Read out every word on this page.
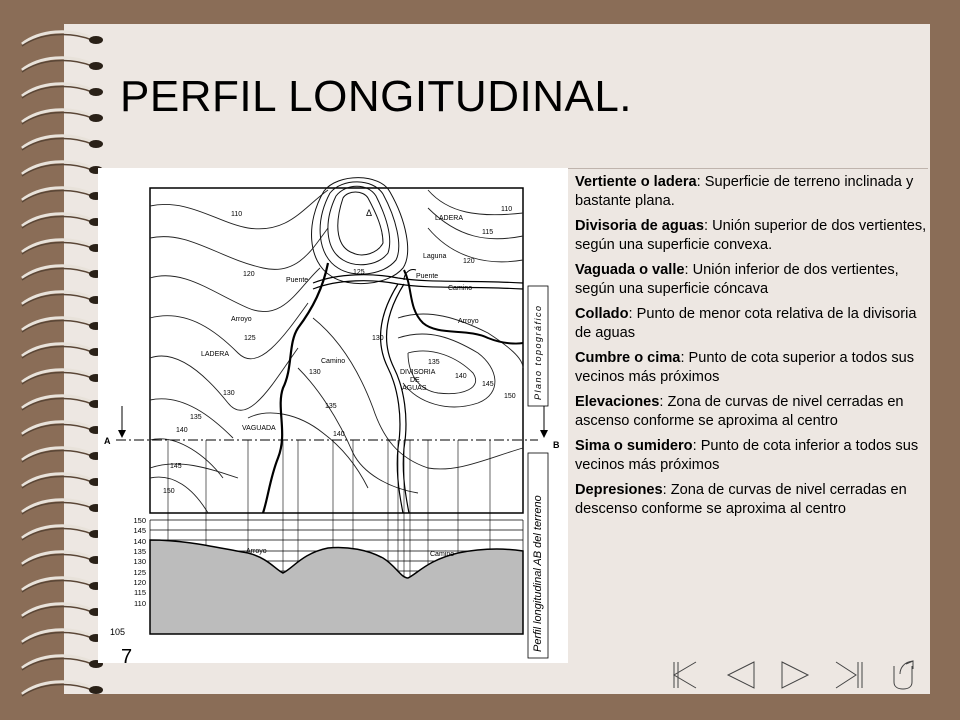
PERFIL LONGITUDINAL.
150
145
140
135
130
125
120
115
110
105
LADERA
LADERA
Laguna
Puente
Puente
Camino
Camino
Arroyo	Arroyo
DIVISORIA
DE
AGUAS
VAGUADA
Arroyo	Camino
Δ
110
110
115
120
120
125
125
130
130
130
135
135
135
140
140
140
145
145
150
150
A	B
Plano topográfico
Perfil longitudinal AB del terreno
Vertiente o ladera: Superficie de terreno inclinada y bastante plana.
Divisoria de aguas: Unión superior de dos vertientes, según una superficie convexa.
Vaguada o valle: Unión inferior de dos vertientes, según una superficie cóncava
Collado: Punto de menor cota relativa de la divisoria de aguas
Cumbre o cima: Punto de cota superior a todos sus vecinos más próximos
Elevaciones: Zona de curvas de nivel cerradas en ascenso conforme se aproxima al centro
Sima o sumidero: Punto de cota inferior a todos sus vecinos más próximos
Depresiones: Zona de curvas de nivel cerradas en descenso conforme se aproxima al centro
7
